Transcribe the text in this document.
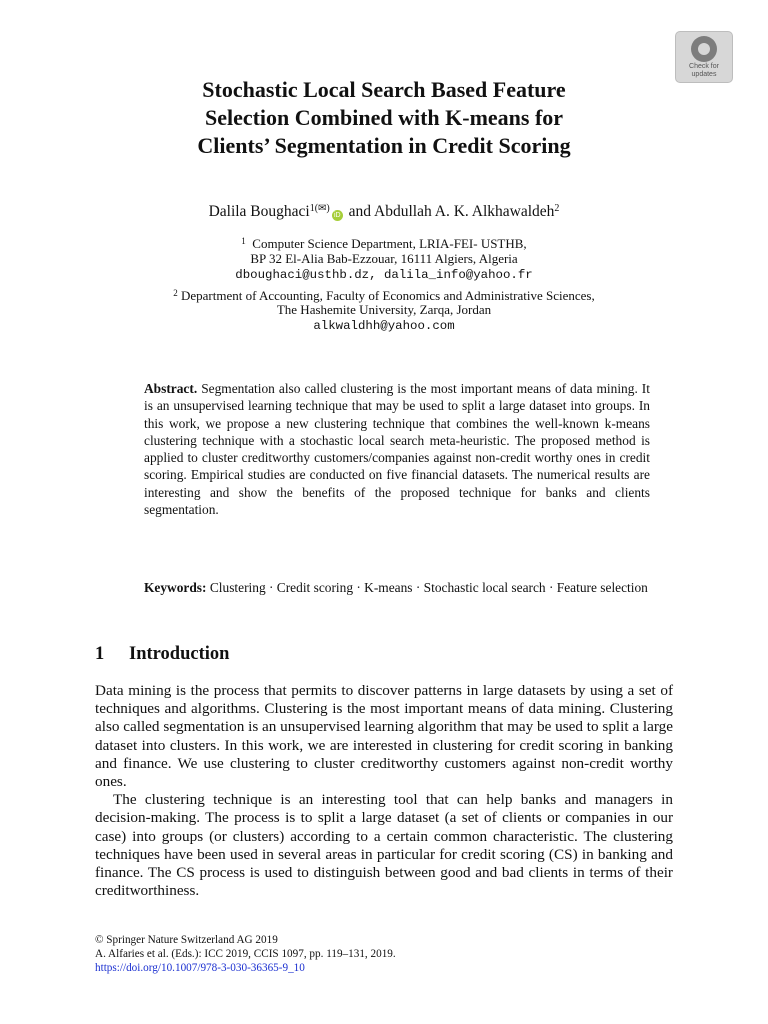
Check for
updates
Stochastic Local Search Based Feature
Selection Combined with K-means for
Clients’ Segmentation in Credit Scoring
Dalila Boughaci$^{1(✉)}$iD and Abdullah A. K. Alkhawaldeh$^2$
$^1$ Computer Science Department, LRIA-FEI- USTHB,
BP 32 El-Alia Bab-Ezzouar, 16111 Algiers, Algeria
dboughaci@usthb.dz, dalila_info@yahoo.fr
$^2$ Department of Accounting, Faculty of Economics and Administrative Sciences,
The Hashemite University, Zarqa, Jordan
alkwaldhh@yahoo.com
Abstract. Segmentation also called clustering is the most important means of data mining. It is an unsupervised learning technique that may be used to split a large dataset into groups. In this work, we propose a new clustering technique that combines the well-known k-means clustering technique with a stochastic local search meta-heuristic. The proposed method is applied to cluster creditworthy customers/companies against non-credit worthy ones in credit scoring. Empirical studies are conducted on five financial datasets. The numerical results are interesting and show the benefits of the proposed technique for banks and clients segmentation.
Keywords: Clustering · Credit scoring · K-means · Stochastic local search · Feature selection
1 Introduction

Data mining is the process that permits to discover patterns in large datasets by using a set of techniques and algorithms. Clustering is the most important means of data mining. Clustering also called segmentation is an unsupervised learning algorithm that may be used to split a large dataset into clusters. In this work, we are interested in clustering for credit scoring in banking and finance. We use clustering to cluster creditworthy customers against non-credit worthy ones.

The clustering technique is an interesting tool that can help banks and managers in decision-making. The process is to split a large dataset (a set of clients or companies in our case) into groups (or clusters) according to a certain common characteristic. The clustering techniques have been used in several areas in particular for credit scoring (CS) in banking and finance. The CS process is used to distinguish between good and bad clients in terms of their creditworthiness.

© Springer Nature Switzerland AG 2019
A. Alfaries et al. (Eds.): ICC 2019, CCIS 1097, pp. 119–131, 2019.
https://doi.org/10.1007/978-3-030-36365-9_10
